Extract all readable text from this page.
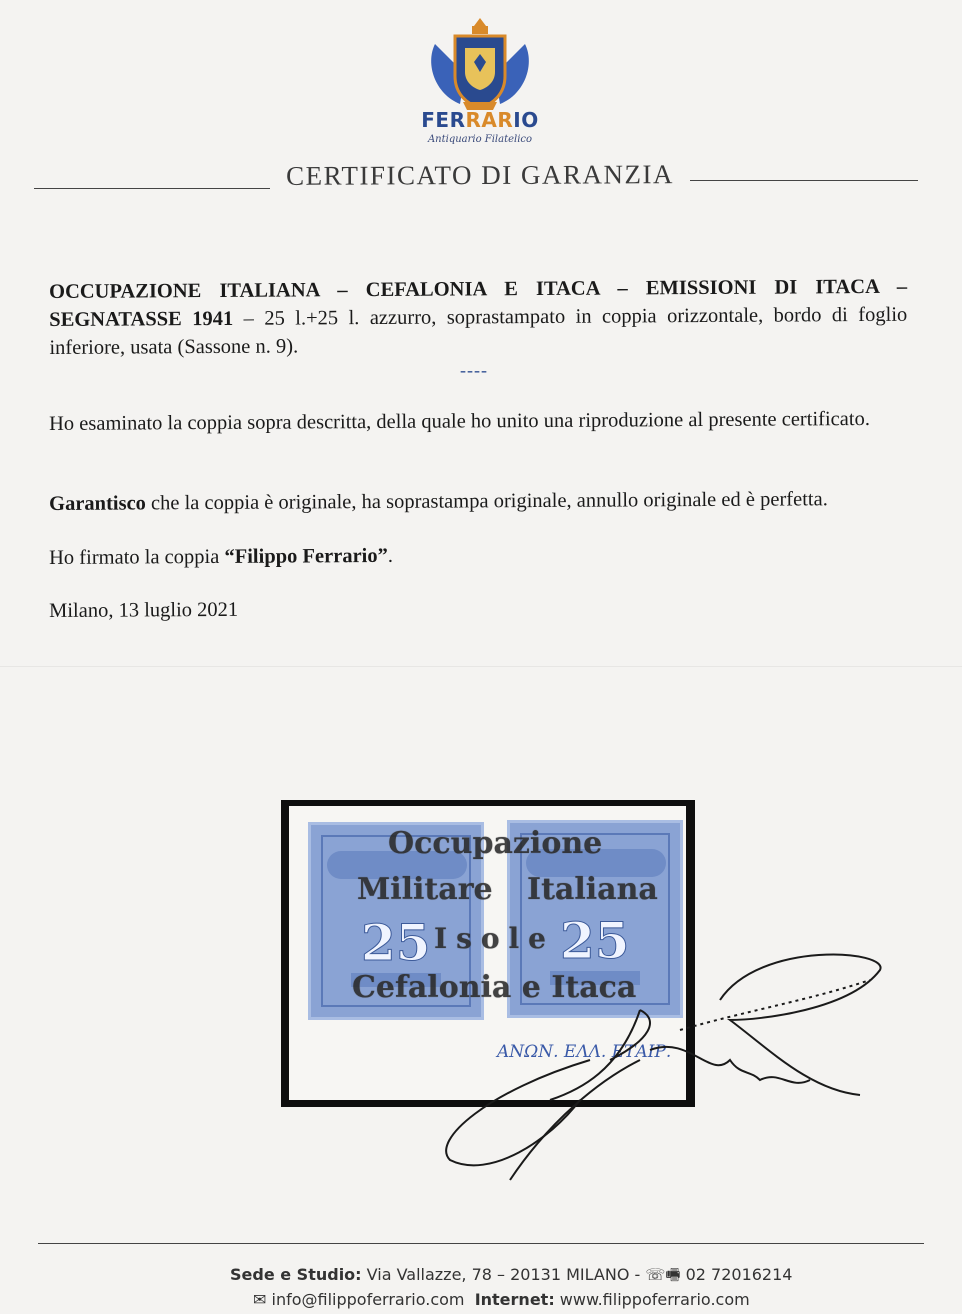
FERRARIO
Antiquario Filatelico
CERTIFICATO DI GARANZIA
OCCUPAZIONE ITALIANA – CEFALONIA E ITACA – EMISSIONI DI ITACA – SEGNATASSE 1941 – 25 l.+25 l. azzurro, soprastampato in coppia orizzontale, bordo di foglio inferiore, usata (Sassone n. 9).
----
Ho esaminato la coppia sopra descritta, della quale ho unito una riproduzione al presente certificato.
Garantisco che la coppia è originale, ha soprastampa originale, annullo originale ed è perfetta.
Ho firmato la coppia “Filippo Ferrario”.
Milano, 13 luglio 2021
25	25
Occupazione
Militare Italiana
Isole
Cefalonia e Itaca
ΑΝΩΝ. ΕΛΛ. ΕΤΑΙΡ.
Sede e Studio: Via Vallazze, 78 – 20131 MILANO - ☏🖷 02 72016214
✉ info@filippoferrario.com Internet: www.filippoferrario.com
